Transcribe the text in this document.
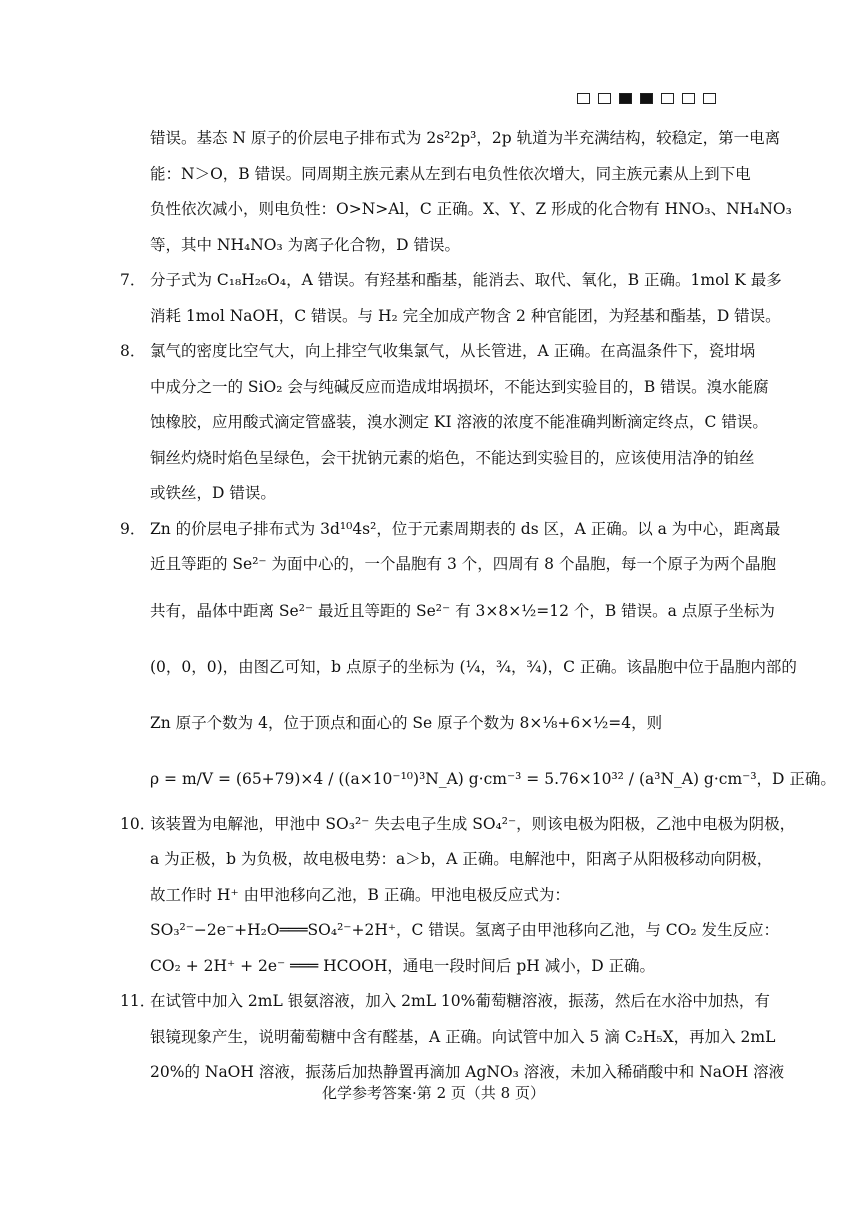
错误。基态 N 原子的价层电子排布式为 2s²2p³，2p 轨道为半充满结构，较稳定，第一电离
能：N＞O，B 错误。同周期主族元素从左到右电负性依次增大，同主族元素从上到下电
负性依次减小，则电负性：O>N>Al，C 正确。X、Y、Z 形成的化合物有 HNO₃、NH₄NO₃
等，其中 NH₄NO₃ 为离子化合物，D 错误。
7． 分子式为 C₁₈H₂₆O₄，A 错误。有羟基和酯基，能消去、取代、氧化，B 正确。1mol K 最多
消耗 1mol NaOH，C 错误。与 H₂ 完全加成产物含 2 种官能团，为羟基和酯基，D 错误。
8． 氯气的密度比空气大，向上排空气收集氯气，从长管进，A 正确。在高温条件下，瓷坩埚
中成分之一的 SiO₂ 会与纯碱反应而造成坩埚损坏，不能达到实验目的，B 错误。溴水能腐
蚀橡胶，应用酸式滴定管盛装，溴水测定 KI 溶液的浓度不能准确判断滴定终点，C 错误。
铜丝灼烧时焰色呈绿色，会干扰钠元素的焰色，不能达到实验目的，应该使用洁净的铂丝
或铁丝，D 错误。
9． Zn 的价层电子排布式为 3d¹⁰4s²，位于元素周期表的 ds 区，A 正确。以 a 为中心，距离最
近且等距的 Se²⁻ 为面中心的，一个晶胞有 3 个，四周有 8 个晶胞，每一个原子为两个晶胞
共有，晶体中距离 Se²⁻ 最近且等距的 Se²⁻ 有 3×8×½=12 个，B 错误。a 点原子坐标为
(0，0，0)，由图乙可知，b 点原子的坐标为 (¼，¾，¾)，C 正确。该晶胞中位于晶胞内部的
Zn 原子个数为 4，位于顶点和面心的 Se 原子个数为 8×⅛+6×½=4，则
ρ = m/V = (65+79)×4 / ((a×10⁻¹⁰)³N_A) g·cm⁻³ = 5.76×10³² / (a³N_A) g·cm⁻³，D 正确。
10．
该装置为电解池，甲池中 SO₃²⁻ 失去电子生成 SO₄²⁻，则该电极为阳极，乙池中电极为阴极，
a 为正极，b 为负极，故电极电势：a＞b，A 正确。电解池中，阳离子从阳极移动向阴极，
故工作时 H⁺ 由甲池移向乙池，B 正确。甲池电极反应式为：
SO₃²⁻−2e⁻+H₂O═══SO₄²⁻+2H⁺，C 错误。氢离子由甲池移向乙池，与 CO₂ 发生反应：
CO₂ + 2H⁺ + 2e⁻ ═══ HCOOH，通电一段时间后 pH 减小，D 正确。
11．
在试管中加入 2mL 银氨溶液，加入 2mL 10%葡萄糖溶液，振荡，然后在水浴中加热，有
银镜现象产生，说明葡萄糖中含有醛基，A 正确。向试管中加入 5 滴 C₂H₅X，再加入 2mL
20%的 NaOH 溶液，振荡后加热静置再滴加 AgNO₃ 溶液，未加入稀硝酸中和 NaOH 溶液
化学参考答案·第 2 页（共 8 页）
